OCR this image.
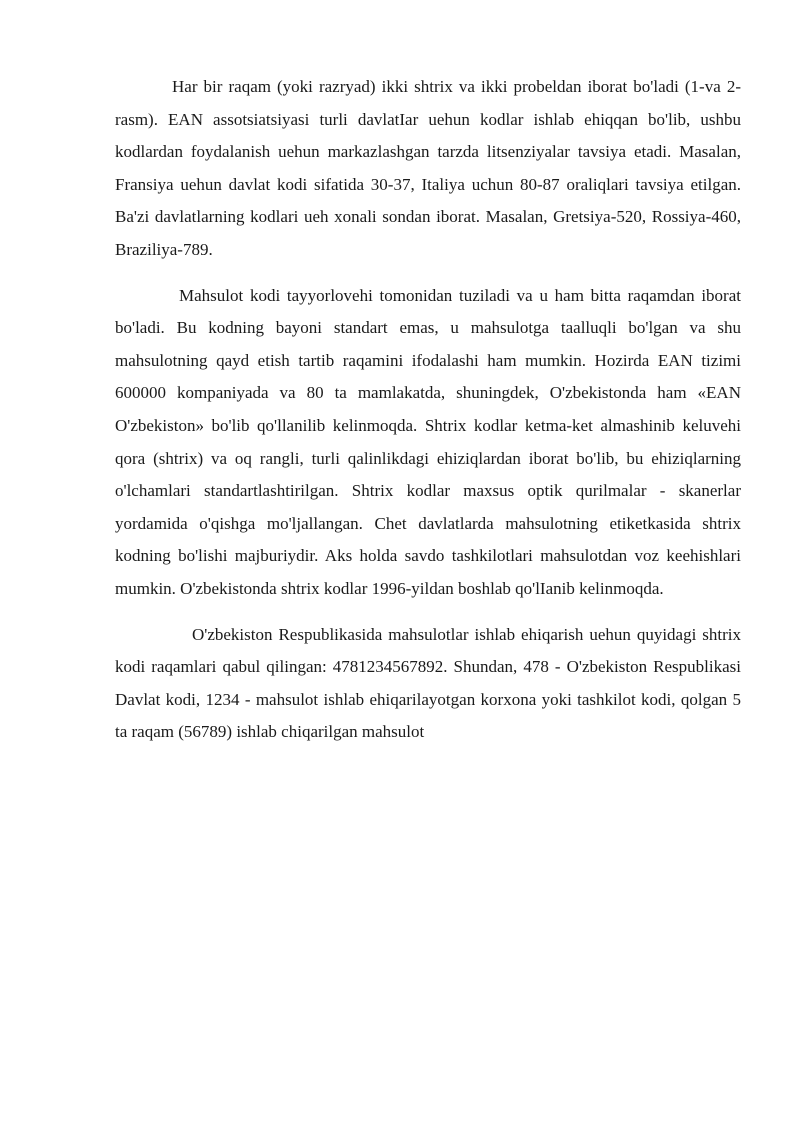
Har bir raqam (yoki razryad) ikki shtrix va ikki probeldan iborat bo'ladi (1-va 2-rasm). EAN assotsiatsiyasi turli davlatIar uehun kodlar ishlab ehiqqan bo'lib, ushbu kodlardan foydalanish uehun markazlashgan tarzda litsenziyalar tavsiya etadi. Masalan, Fransiya uehun davlat kodi sifatida 30-37, Italiya uchun 80-87 oraliqlari tavsiya etilgan. Ba'zi davlatlarning kodlari ueh xonali sondan iborat. Masalan, Gretsiya-520, Rossiya-460, Braziliya-789.

Mahsulot kodi tayyorlovehi tomonidan tuziladi va u ham bitta raqamdan iborat bo'ladi. Bu kodning bayoni standart emas, u mahsulotga taalluqli bo'lgan va shu mahsulotning qayd etish tartib raqamini ifodalashi ham mumkin. Hozirda EAN tizimi 600000 kompaniyada va 80 ta mamlakatda, shuningdek, O'zbekistonda ham «EAN O'zbekiston» bo'lib qo'llanilib kelinmoqda. Shtrix kodlar ketma-ket almashinib keluvehi qora (shtrix) va oq rangli, turli qalinlikdagi ehiziqlardan iborat bo'lib, bu ehiziqlarning o'lchamlari standartlashtirilgan. Shtrix kodlar maxsus optik qurilmalar - skanerlar yordamida o'qishga mo'ljallangan. Chet davlatlarda mahsulotning etiketkasida shtrix kodning bo'lishi majburiydir. Aks holda savdo tashkilotlari mahsulotdan voz keehishlari mumkin. O'zbekistonda shtrix kodlar 1996-yildan boshlab qo'lIanib kelinmoqda.

O'zbekiston Respublikasida mahsulotlar ishlab ehiqarish uehun quyidagi shtrix kodi raqamlari qabul qilingan: 4781234567892. Shundan, 478 - O'zbekiston Respublikasi Davlat kodi, 1234 - mahsulot ishlab ehiqarilayotgan korxona yoki tashkilot kodi, qolgan 5 ta raqam (56789) ishlab chiqarilgan mahsulot
